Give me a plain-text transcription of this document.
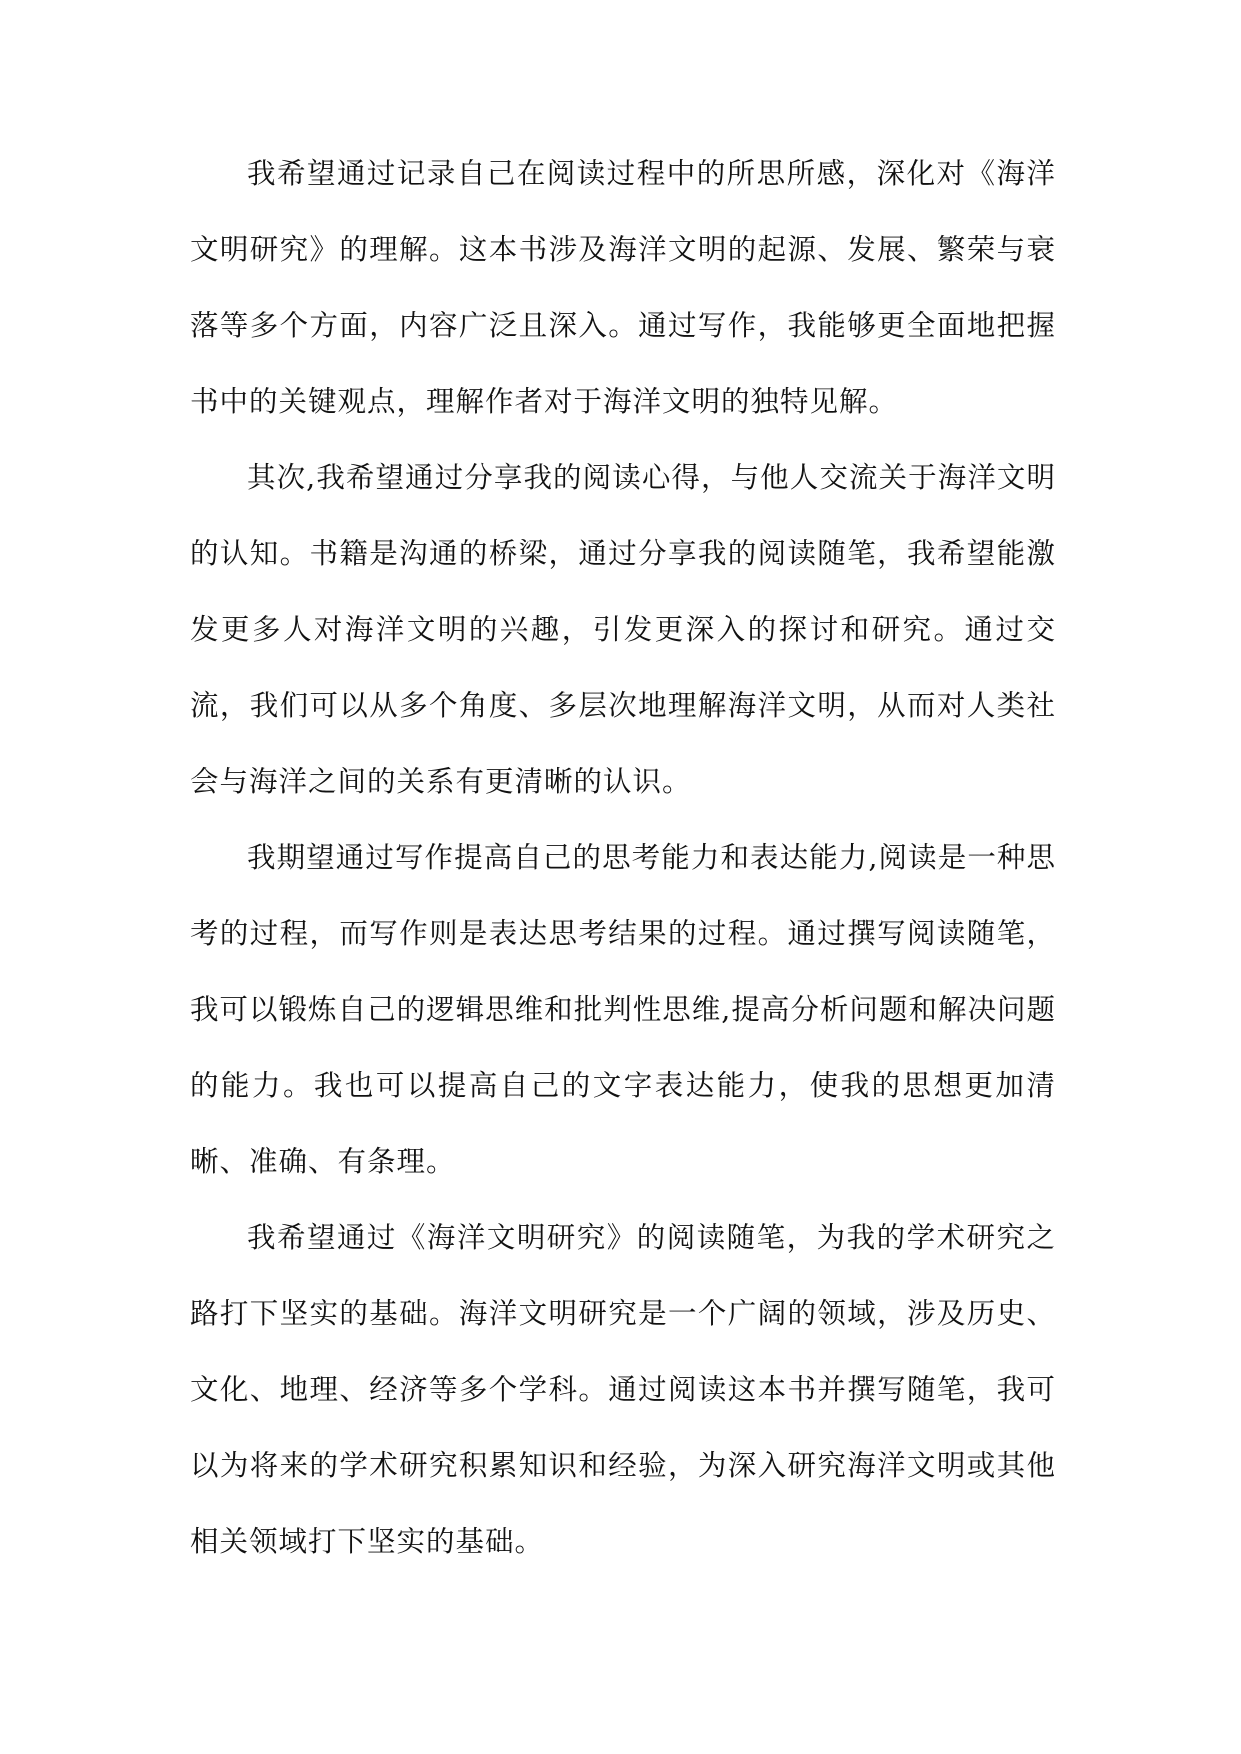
我希望通过记录自己在阅读过程中的所思所感，深化对《海洋文明研究》的理解。这本书涉及海洋文明的起源、发展、繁荣与衰落等多个方面，内容广泛且深入。通过写作，我能够更全面地把握书中的关键观点，理解作者对于海洋文明的独特见解。

其次,我希望通过分享我的阅读心得，与他人交流关于海洋文明的认知。书籍是沟通的桥梁，通过分享我的阅读随笔，我希望能激发更多人对海洋文明的兴趣，引发更深入的探讨和研究。通过交流，我们可以从多个角度、多层次地理解海洋文明，从而对人类社会与海洋之间的关系有更清晰的认识。

我期望通过写作提高自己的思考能力和表达能力,阅读是一种思考的过程，而写作则是表达思考结果的过程。通过撰写阅读随笔，我可以锻炼自己的逻辑思维和批判性思维,提高分析问题和解决问题的能力。我也可以提高自己的文字表达能力，使我的思想更加清晰、准确、有条理。

我希望通过《海洋文明研究》的阅读随笔，为我的学术研究之路打下坚实的基础。海洋文明研究是一个广阔的领域，涉及历史、文化、地理、经济等多个学科。通过阅读这本书并撰写随笔，我可以为将来的学术研究积累知识和经验，为深入研究海洋文明或其他相关领域打下坚实的基础。
